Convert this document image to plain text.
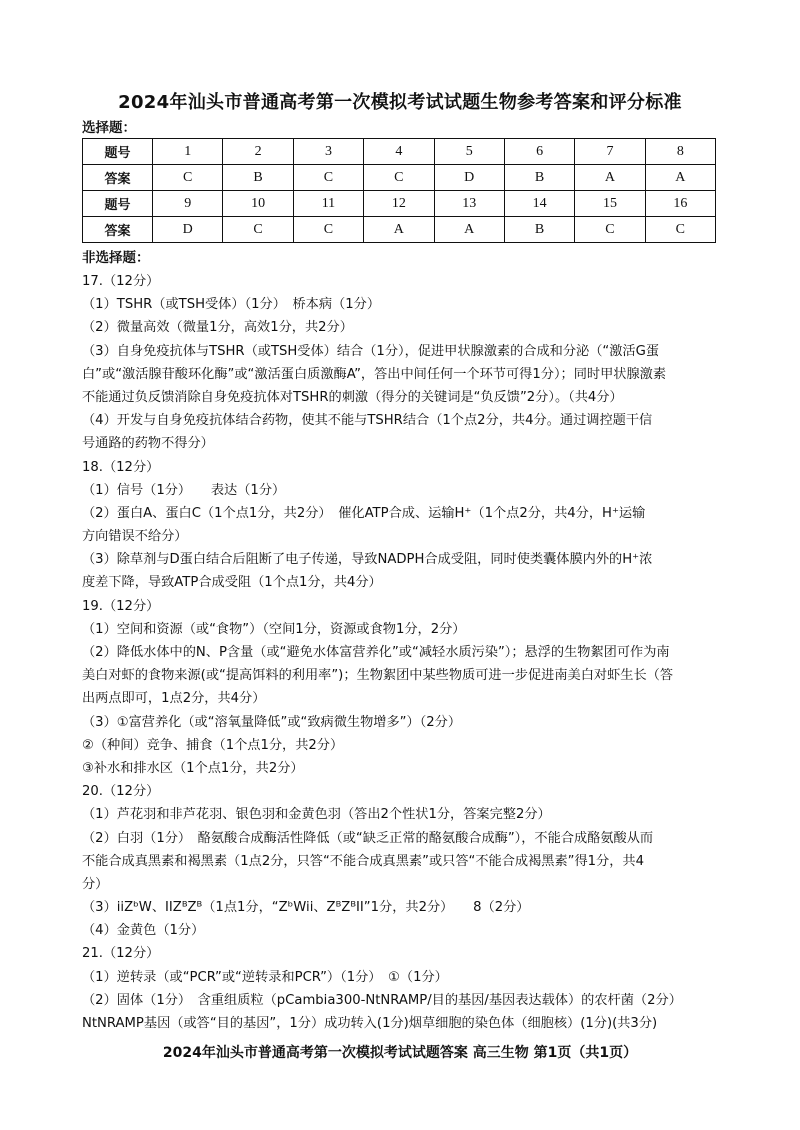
2024年汕头市普通高考第一次模拟考试试题生物参考答案和评分标准
选择题：
题号	1	2	3	4	5	6	7	8
答案	C	B	C	C	D	B	A	A
题号	9	10	11	12	13	14	15	16
答案	D	C	C	A	A	B	C	C
非选择题：
17.（12分）
（1）TSHR（或TSH受体）（1分）　桥本病（1分）
（2）微量高效（微量1分，高效1分，共2分）
（3）自身免疫抗体与TSHR（或TSH受体）结合（1分），促进甲状腺激素的合成和分泌（“激活G蛋
白”或“激活腺苷酸环化酶”或“激活蛋白质激酶A”，答出中间任何一个环节可得1分）；同时甲状腺激素
不能通过负反馈消除自身免疫抗体对TSHR的刺激（得分的关键词是“负反馈”2分）。（共4分）
（4）开发与自身免疫抗体结合药物，使其不能与TSHR结合（1个点2分，共4分。通过调控题干信
号通路的药物不得分）
18.（12分）
（1）信号（1分）　　表达（1分）
（2）蛋白A、蛋白C（1个点1分，共2分）　催化ATP合成、运输H⁺（1个点2分，共4分，H⁺运输
方向错误不给分）
（3）除草剂与D蛋白结合后阻断了电子传递，导致NADPH合成受阻，同时使类囊体膜内外的H⁺浓
度差下降，导致ATP合成受阻（1个点1分，共4分）
19.（12分）
（1）空间和资源（或“食物”）（空间1分，资源或食物1分，2分）
（2）降低水体中的N、P含量（或“避免水体富营养化”或“减轻水质污染”）；悬浮的生物絮团可作为南
美白对虾的食物来源(或“提高饵料的利用率”)；生物絮团中某些物质可进一步促进南美白对虾生长（答
出两点即可，1点2分，共4分）
（3）①富营养化（或“溶氧量降低”或“致病微生物增多”）（2分）
②（种间）竞争、捕食（1个点1分，共2分）
③补水和排水区（1个点1分，共2分）
20.（12分）
（1）芦花羽和非芦花羽、银色羽和金黄色羽（答出2个性状1分，答案完整2分）
（2）白羽（1分）　酪氨酸合成酶活性降低（或“缺乏正常的酪氨酸合成酶”），不能合成酪氨酸从而
不能合成真黑素和褐黑素（1点2分，只答“不能合成真黑素”或只答“不能合成褐黑素”得1分，共4
分）
（3）iiZᵇW、IIZᴮZᴮ（1点1分，“ZᵇWii、ZᴮZᴮII”1分，共2分）　　8（2分）
（4）金黄色（1分）
21.（12分）
（1）逆转录（或“PCR”或“逆转录和PCR”）（1分）　①（1分）
（2）固体（1分）　含重组质粒（pCambia300-NtNRAMP/目的基因/基因表达载体）的农杆菌（2分）
NtNRAMP基因（或答“目的基因”，1分）成功转入(1分)烟草细胞的染色体（细胞核）(1分)(共3分)
2024年汕头市普通高考第一次模拟考试试题答案 高三生物 第1页（共1页）
